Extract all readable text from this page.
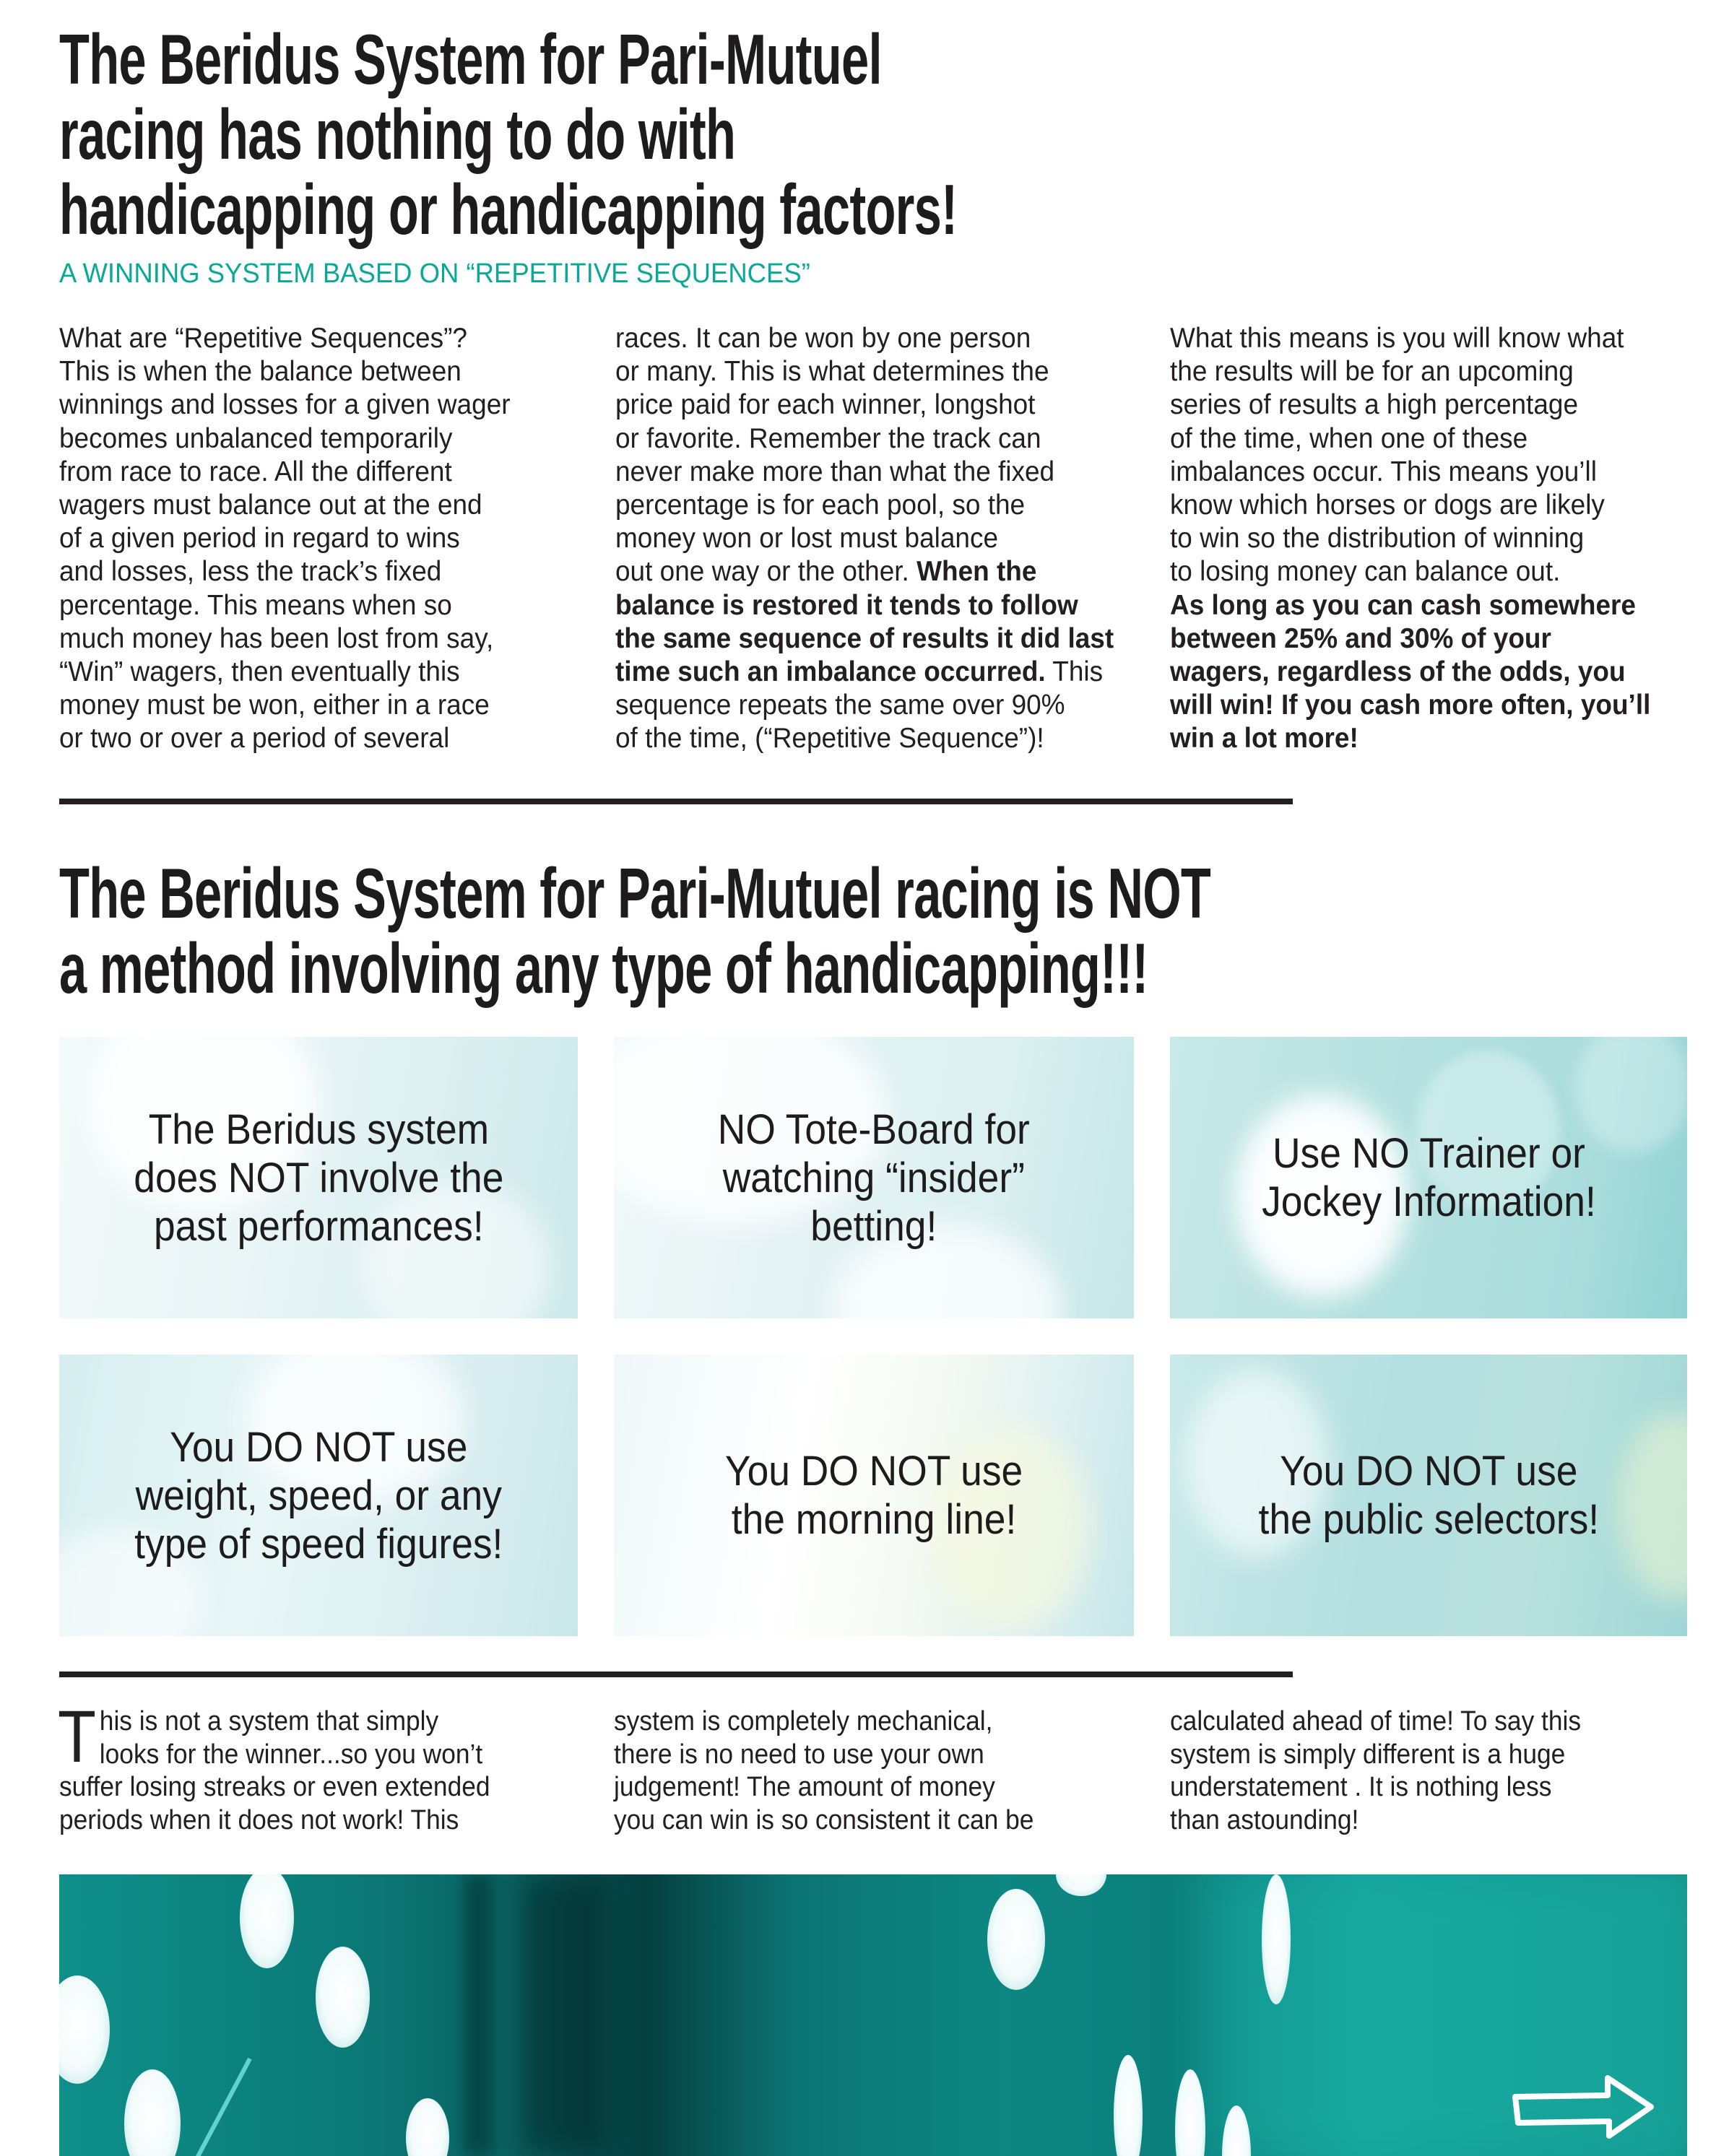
The Beridus System for Pari-Mutuel
racing has nothing to do with
handicapping or handicapping factors!
A WINNING SYSTEM BASED ON “REPETITIVE SEQUENCES”
What are “Repetitive Sequences”?
This is when the balance between
winnings and losses for a given wager
becomes unbalanced temporarily
from race to race. All the different
wagers must balance out at the end
of a given period in regard to wins
and losses, less the track’s fixed
percentage. This means when so
much money has been lost from say,
“Win” wagers, then eventually this
money must be won, either in a race
or two or over a period of several
races. It can be won by one person
or many. This is what determines the
price paid for each winner, longshot
or favorite. Remember the track can
never make more than what the fixed
percentage is for each pool, so the
money won or lost must balance
out one way or the other. When the
balance is restored it tends to follow
the same sequence of results it did last
time such an imbalance occurred. This
sequence repeats the same over 90%
of the time, (“Repetitive Sequence”)!
What this means is you will know what
the results will be for an upcoming
series of results a high percentage
of the time, when one of these
imbalances occur. This means you’ll
know which horses or dogs are likely
to win so the distribution of winning
to losing money can balance out.
As long as you can cash somewhere
between 25% and 30% of your
wagers, regardless of the odds, you
will win! If you cash more often, you’ll
win a lot more!
The Beridus System for Pari-Mutuel racing is NOT
a method involving any type of handicapping!!!
The Beridus system
does NOT involve the
past performances!
NO Tote-Board for
watching “insider”
betting!
Use NO Trainer or
Jockey Information!
You DO NOT use
weight, speed, or any
type of speed figures!
You DO NOT use
the morning line!
You DO NOT use
the public selectors!
T his is not a system that simply
looks for the winner...so you won’t
suffer losing streaks or even extended
periods when it does not work! This
system is completely mechanical,
there is no need to use your own
judgement! The amount of money
you can win is so consistent it can be
calculated ahead of time! To say this
system is simply different is a huge
understatement . It is nothing less
than astounding!
